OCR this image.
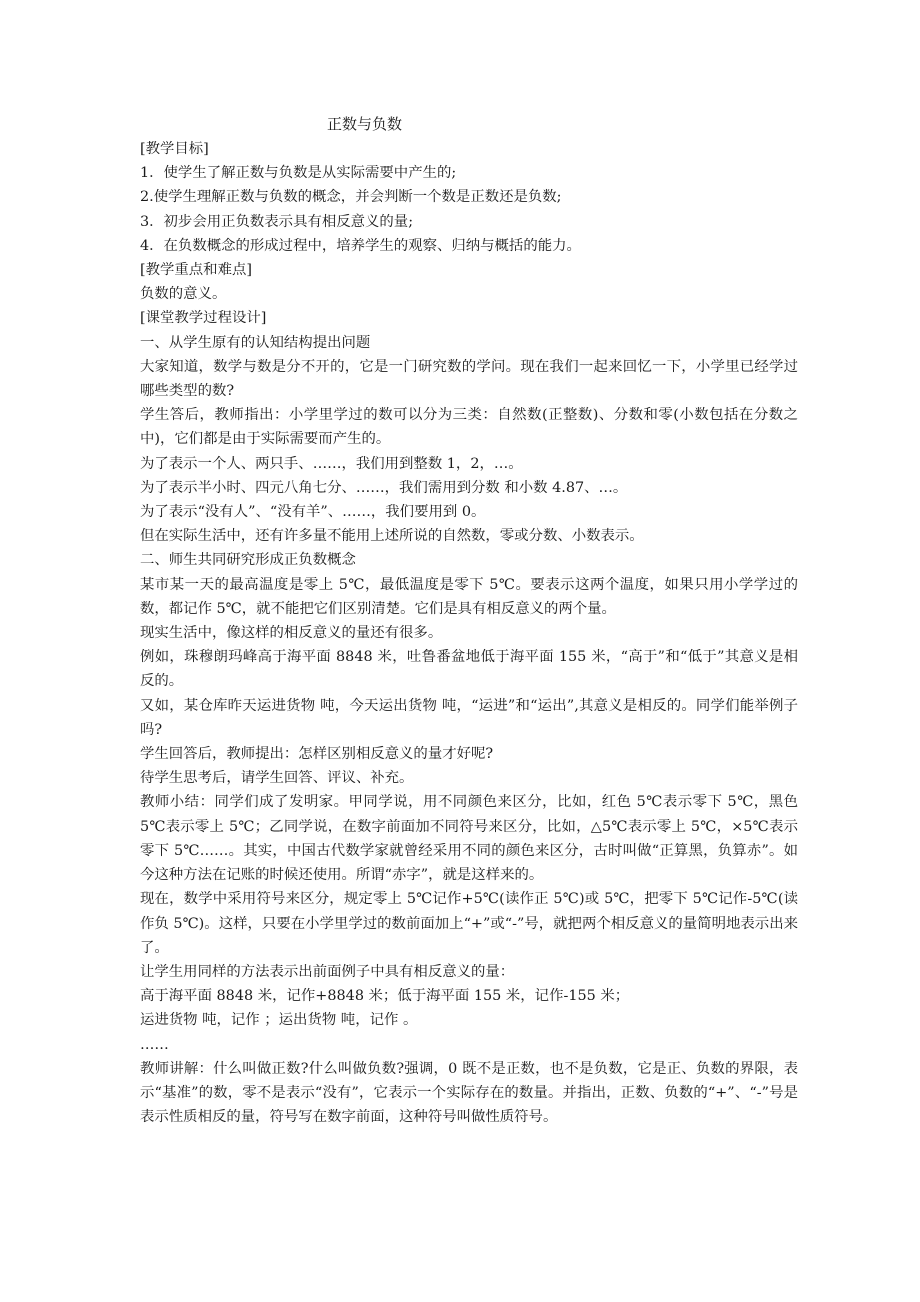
正数与负数

[教学目标]

1．使学生了解正数与负数是从实际需要中产生的;

2.使学生理解正数与负数的概念，并会判断一个数是正数还是负数;

3．初步会用正负数表示具有相反意义的量;

4．在负数概念的形成过程中，培养学生的观察、归纳与概括的能力。

[教学重点和难点]

负数的意义。

[课堂教学过程设计]

一、从学生原有的认知结构提出问题

大家知道，数学与数是分不开的，它是一门研究数的学问。现在我们一起来回忆一下，小学里已经学过哪些类型的数?

学生答后，教师指出：小学里学过的数可以分为三类：自然数(正整数)、分数和零(小数包括在分数之中)，它们都是由于实际需要而产生的。

为了表示一个人、两只手、……，我们用到整数 1，2，…。

为了表示半小时、四元八角七分、……，我们需用到分数 和小数 4.87、…。

为了表示“没有人”、“没有羊”、……，我们要用到 0。

但在实际生活中，还有许多量不能用上述所说的自然数，零或分数、小数表示。

二、师生共同研究形成正负数概念

某市某一天的最高温度是零上 5℃，最低温度是零下 5℃。要表示这两个温度，如果只用小学学过的数，都记作 5℃，就不能把它们区别清楚。它们是具有相反意义的两个量。

现实生活中，像这样的相反意义的量还有很多。

例如，珠穆朗玛峰高于海平面 8848 米，吐鲁番盆地低于海平面 155 米，“高于”和“低于”其意义是相反的。

又如，某仓库昨天运进货物 吨，今天运出货物 吨，“运进”和“运出”,其意义是相反的。同学们能举例子吗?

学生回答后，教师提出：怎样区别相反意义的量才好呢?

待学生思考后，请学生回答、评议、补充。

教师小结：同学们成了发明家。甲同学说，用不同颜色来区分，比如，红色 5℃表示零下 5℃，黑色 5℃表示零上 5℃；乙同学说，在数字前面加不同符号来区分，比如，△5℃表示零上 5℃，×5℃表示零下 5℃……。其实，中国古代数学家就曾经采用不同的颜色来区分，古时叫做“正算黑，负算赤”。如今这种方法在记账的时候还使用。所谓“赤字”，就是这样来的。

现在，数学中采用符号来区分，规定零上 5℃记作+5℃(读作正 5℃)或 5℃，把零下 5℃记作-5℃(读作负 5℃)。这样，只要在小学里学过的数前面加上“+”或“-”号，就把两个相反意义的量简明地表示出来了。

让学生用同样的方法表示出前面例子中具有相反意义的量：

高于海平面 8848 米，记作+8848 米；低于海平面 155 米，记作-155 米；

运进货物 吨，记作 ；运出货物 吨，记作 。

……

教师讲解：什么叫做正数?什么叫做负数?强调，0 既不是正数，也不是负数，它是正、负数的界限，表示“基准”的数，零不是表示“没有”，它表示一个实际存在的数量。并指出，正数、负数的“+”、“-”号是表示性质相反的量，符号写在数字前面，这种符号叫做性质符号。
